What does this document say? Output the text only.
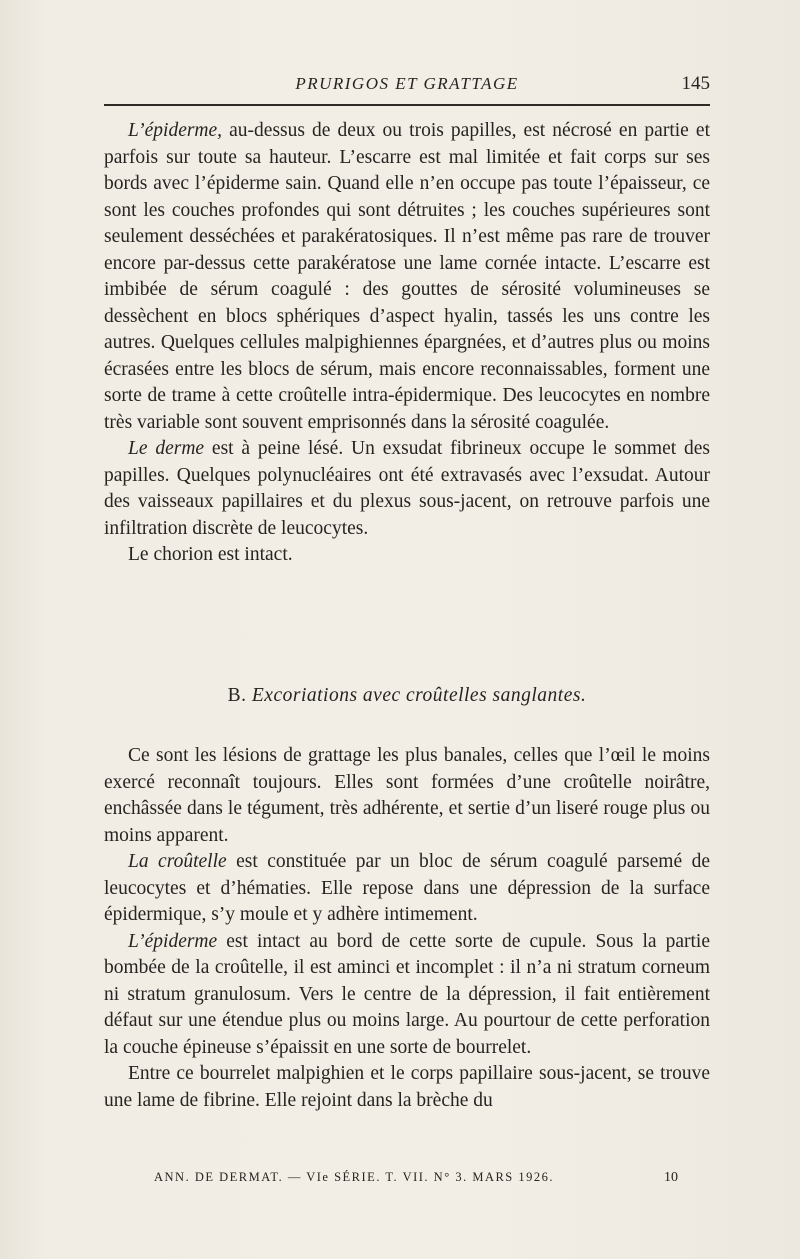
PRURIGOS ET GRATTAGE	145

L’épiderme, au-dessus de deux ou trois papilles, est nécrosé en partie et parfois sur toute sa hauteur. L’escarre est mal limitée et fait corps sur ses bords avec l’épiderme sain. Quand elle n’en occupe pas toute l’épaisseur, ce sont les couches profondes qui sont détruites ; les couches supérieures sont seulement desséchées et parakératosiques. Il n’est même pas rare de trouver encore par-dessus cette parakératose une lame cornée intacte. L’escarre est imbibée de sérum coagulé : des gouttes de sérosité volumineuses se dessèchent en blocs sphériques d’aspect hyalin, tassés les uns contre les autres. Quelques cellules malpighiennes épargnées, et d’autres plus ou moins écrasées entre les blocs de sérum, mais encore reconnaissables, forment une sorte de trame à cette croûtelle intra-épidermique. Des leucocytes en nombre très variable sont souvent emprisonnés dans la sérosité coagulée.

Le derme est à peine lésé. Un exsudat fibrineux occupe le sommet des papilles. Quelques polynucléaires ont été extravasés avec l’exsudat. Autour des vaisseaux papillaires et du plexus sous-jacent, on retrouve parfois une infiltration discrète de leucocytes.

Le chorion est intact.

B. Excoriations avec croûtelles sanglantes.

Ce sont les lésions de grattage les plus banales, celles que l’œil le moins exercé reconnaît toujours. Elles sont formées d’une croûtelle noirâtre, enchâssée dans le tégument, très adhérente, et sertie d’un liseré rouge plus ou moins apparent.

La croûtelle est constituée par un bloc de sérum coagulé parsemé de leucocytes et d’hématies. Elle repose dans une dépression de la surface épidermique, s’y moule et y adhère intimement.

L’épiderme est intact au bord de cette sorte de cupule. Sous la partie bombée de la croûtelle, il est aminci et incomplet : il n’a ni stratum corneum ni stratum granulosum. Vers le centre de la dépression, il fait entièrement défaut sur une étendue plus ou moins large. Au pourtour de cette perforation la couche épineuse s’épaissit en une sorte de bourrelet.

Entre ce bourrelet malpighien et le corps papillaire sous-jacent, se trouve une lame de fibrine. Elle rejoint dans la brèche du

ANN. DE DERMAT. — VIe SÉRIE. T. VII. N° 3. MARS 1926.	10
